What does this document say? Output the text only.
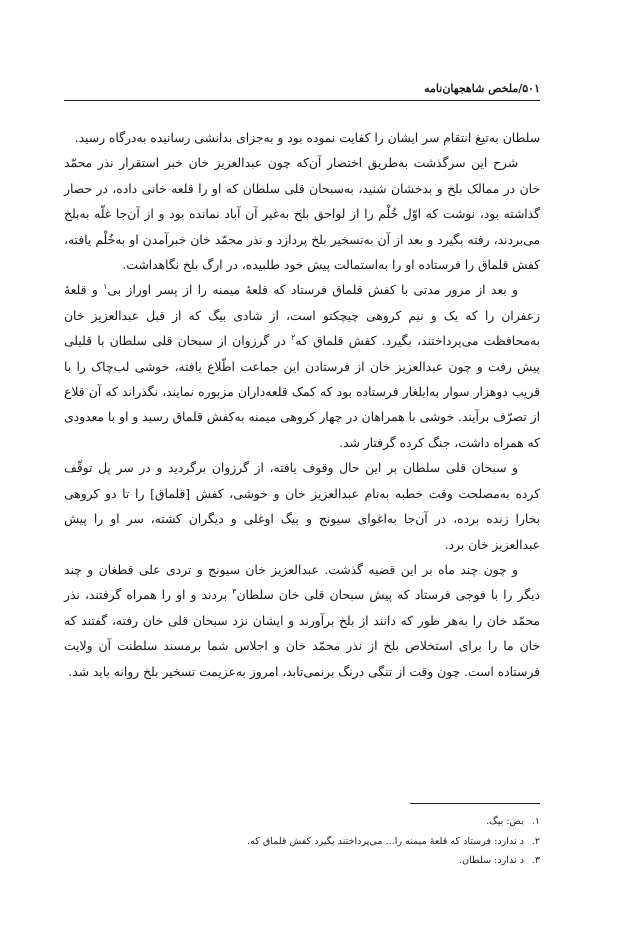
۵۰۱/ملخص شاهجهان‌نامه

سلطان به‌تیغ انتقام سر ایشان را کفایت نموده بود و به‌جزای بدانشی رسانیده به‌درگاه رسید.

شرح این سرگذشت به‌طریق اختصار آن‌که چون عبدالعزیز خان خبر استقرار نذر محمّد خان در ممالک بلخ و بدخشان شنید، به‌سبحان قلی سلطان که او را قلعه خانی داده، در حصار گذاشته بود، نوشت که اوّل خُلْم را از لواحق بلخ به‌غیر آن آباد نمانده بود و از آن‌جا غلّه به‌بلخ می‌بردند، رفته بگیرد و بعد از آن به‌تسخیر بلخ پردازد و نذر محمّد خان خبرآمدن او به‌خُلْم یافته، کفش قلماق را فرستاده او را به‌استمالت پیش خود طلبیده، در ارگ بلخ نگاهداشت.

و بعد از مرور مدتی با کفش قلماق فرستاد که قلعهٔ میمنه را از پسر اوراز بی$^۱$ و قلعهٔ زعفران را که یک و نیم کروهی چیچکتو است، از شادی بیگ که از قبل عبدالعزیز خان به‌محافظت می‌پرداختند، بگیرد. کفش قلماق که$^۲$ در گرزوان از سبحان قلی سلطان با قلیلی پیش رفت و چون عبدالعزیز خان از فرستادن این جماعت اطّلاع یافته، خوشی لب‌چاک را با قریب دوهزار سوار به‌ایلغار فرستاده بود که کمک قلعه‌داران مزبوره نمایند، نگذراند که آن قلاع از تصرّف برآیند. خوشی با همراهان در چهار کروهی میمنه به‌کفش قلماق رسید و او با معدودی که همراه داشت، جنگ کرده گرفتار شد.

و سبحان قلی سلطان بر این حال وقوف یافته، از گرزوان برگردید و در سر پل توقّف کرده به‌مصلحت وقت خطبه به‌نام عبدالعزیز خان و خوشی، کفش [قلماق] را تا دو کروهی بخارا زنده برده، در آن‌جا به‌اغوای سیونج و بیگ اوغلی و دیگران کشته، سر او را پیش عبدالعزیز خان برد.

و چون چند ماه بر این قضیه گذشت. عبدالعزیز خان سیونج و تردی علی قطغان و چند دیگر را با فوجی فرستاد که پیش سبحان قلی خان سلطان$^۳$ بردند و او را همراه گرفتند، نذر محمّد خان را به‌هر طور که دانند از بلخ برآورند و ایشان نزد سبحان قلی خان رفته، گفتند که خان ما را برای استخلاص بلخ از نذر محمّد خان و اجلاس شما برمسند سلطنت آن ولایت فرستاده است. چون وقت از تنگی درنگ برنمی‌تابد، امروز به‌عزیمت تسخیر بلخ روانه باید شد.

۱.بض: بیگ.
۲.د ندارد: فرستاد که قلعهٔ میمنه را... می‌پرداختند بگیرد کفش قلماق که.
۳.د ندارد: سلطان.
